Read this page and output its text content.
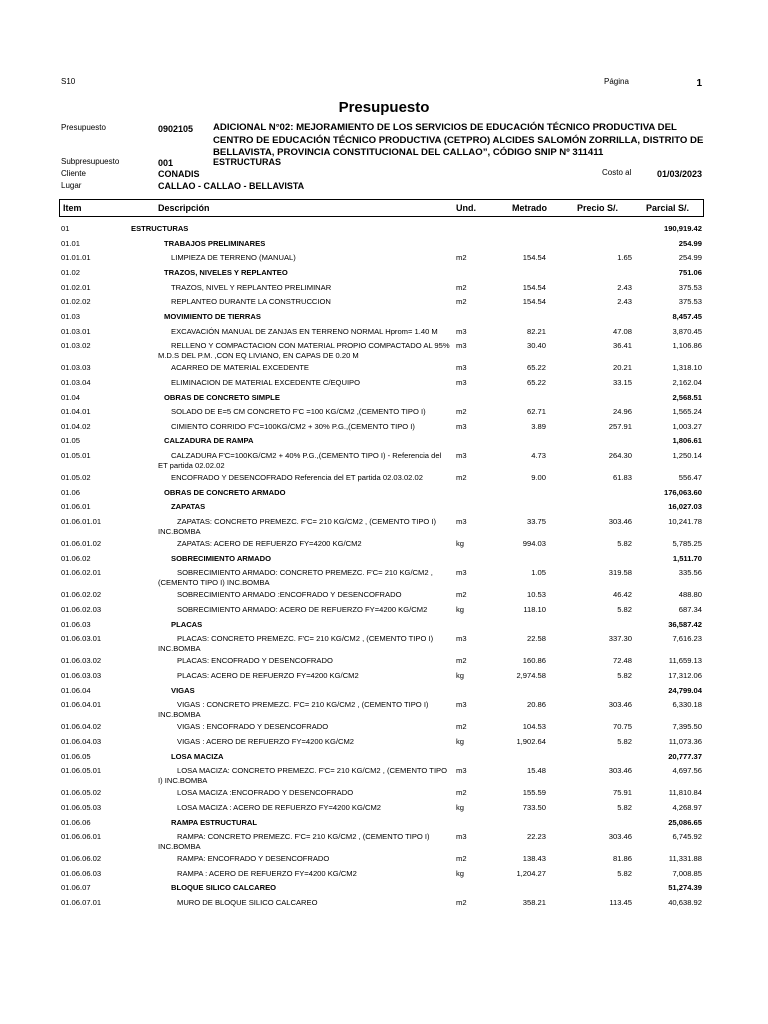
S10	Página	1
Presupuesto
Presupuesto	0902105 ADICIONAL N°02: MEJORAMIENTO DE LOS SERVICIOS DE EDUCACIÓN TÉCNICO PRODUCTIVA DEL CENTRO DE EDUCACIÓN TÉCNICO PRODUCTIVA (CETPRO) ALCIDES SALOMÓN ZORRILLA, DISTRITO DE BELLAVISTA, PROVINCIA CONSTITUCIONAL DEL CALLAO”, CÓDIGO SNIP Nº 311411
Subpresupuesto	001	ESTRUCTURAS
Cliente	CONADIS	Costo al	01/03/2023
Lugar	CALLAO - CALLAO - BELLAVISTA
Item	Descripción	Und.	Metrado	Precio S/.	Parcial S/.
01	ESTRUCTURAS	190,919.42
01.01	TRABAJOS PRELIMINARES	254.99
01.01.01	LIMPIEZA DE TERRENO (MANUAL)	m2	154.54	1.65	254.99
01.02	TRAZOS, NIVELES Y REPLANTEO	751.06
01.02.01	TRAZOS, NIVEL Y REPLANTEO PRELIMINAR	m2	154.54	2.43	375.53
01.02.02	REPLANTEO DURANTE LA CONSTRUCCION	m2	154.54	2.43	375.53
01.03	MOVIMIENTO DE TIERRAS	8,457.45
01.03.01	EXCAVACIÓN MANUAL DE ZANJAS EN TERRENO NORMAL Hprom= 1.40 M m3	82.21	47.08	3,870.45
01.03.02	RELLENO Y COMPACTACION CON MATERIAL PROPIO COMPACTADO AL 95% M.D.S DEL P.M. ,CON EQ LIVIANO, EN CAPAS DE 0.20 M
m3	30.40	36.41	1,106.86
01.03.03	ACARREO DE MATERIAL EXCEDENTE	m3	65.22	20.21	1,318.10
01.03.04	ELIMINACION DE MATERIAL EXCEDENTE C/EQUIPO	m3	65.22	33.15	2,162.04
01.04	OBRAS DE CONCRETO SIMPLE	2,568.51
01.04.01	SOLADO DE E=5 CM CONCRETO F'C =100 KG/CM2 ,(CEMENTO TIPO I)	m2	62.71	24.96	1,565.24
01.04.02	CIMIENTO CORRIDO F'C=100KG/CM2 + 30% P.G.,(CEMENTO TIPO I)	m3	3.89	257.91	1,003.27
01.05	CALZADURA DE RAMPA	1,806.61
01.05.01	CALZADURA F'C=100KG/CM2 + 40% P.G.,(CEMENTO TIPO I) - Referencia del ET partida 02.02.02
m3	4.73	264.30	1,250.14
01.05.02	ENCOFRADO Y DESENCOFRADO Referencia del ET partida 02.03.02.02	m2	9.00	61.83	556.47
01.06	OBRAS DE CONCRETO ARMADO	176,063.60
01.06.01	ZAPATAS	16,027.03
01.06.01.01	ZAPATAS: CONCRETO PREMEZC. F'C= 210 KG/CM2 , (CEMENTO TIPO I) INC.BOMBA
m3	33.75	303.46	10,241.78
01.06.01.02	ZAPATAS: ACERO DE REFUERZO FY=4200 KG/CM2	kg	994.03	5.82	5,785.25
01.06.02	SOBRECIMIENTO ARMADO	1,511.70
01.06.02.01	SOBRECIMIENTO ARMADO: CONCRETO PREMEZC. F'C= 210 KG/CM2 , (CEMENTO TIPO I) INC.BOMBA
m3	1.05	319.58	335.56
01.06.02.02	SOBRECIMIENTO ARMADO :ENCOFRADO Y DESENCOFRADO	m2	10.53	46.42	488.80
01.06.02.03	SOBRECIMIENTO ARMADO: ACERO DE REFUERZO FY=4200 KG/CM2	kg	118.10	5.82	687.34
01.06.03	PLACAS	36,587.42
01.06.03.01	PLACAS: CONCRETO PREMEZC. F'C= 210 KG/CM2 , (CEMENTO TIPO I) INC.BOMBA
m3	22.58	337.30	7,616.23
01.06.03.02	PLACAS: ENCOFRADO Y DESENCOFRADO	m2	160.86	72.48	11,659.13
01.06.03.03	PLACAS: ACERO DE REFUERZO FY=4200 KG/CM2	kg	2,974.58	5.82	17,312.06
01.06.04	VIGAS	24,799.04
01.06.04.01	VIGAS : CONCRETO PREMEZC. F'C= 210 KG/CM2 , (CEMENTO TIPO I) INC.BOMBA
m3	20.86	303.46	6,330.18
01.06.04.02	VIGAS : ENCOFRADO Y DESENCOFRADO	m2	104.53	70.75	7,395.50
01.06.04.03	VIGAS : ACERO DE REFUERZO FY=4200 KG/CM2	kg	1,902.64	5.82	11,073.36
01.06.05	LOSA MACIZA	20,777.37
01.06.05.01	LOSA MACIZA: CONCRETO PREMEZC. F'C= 210 KG/CM2 , (CEMENTO TIPO I) INC.BOMBA
m3	15.48	303.46	4,697.56
01.06.05.02	LOSA MACIZA :ENCOFRADO Y DESENCOFRADO	m2	155.59	75.91	11,810.84
01.06.05.03	LOSA MACIZA : ACERO DE REFUERZO FY=4200 KG/CM2	kg	733.50	5.82	4,268.97
01.06.06	RAMPA ESTRUCTURAL	25,086.65
01.06.06.01	RAMPA: CONCRETO PREMEZC. F'C= 210 KG/CM2 , (CEMENTO TIPO I) INC.BOMBA
m3	22.23	303.46	6,745.92
01.06.06.02	RAMPA: ENCOFRADO Y DESENCOFRADO	m2	138.43	81.86	11,331.88
01.06.06.03	RAMPA : ACERO DE REFUERZO FY=4200 KG/CM2	kg	1,204.27	5.82	7,008.85
01.06.07	BLOQUE SILICO CALCAREO	51,274.39
01.06.07.01	MURO DE BLOQUE SILICO CALCAREO	m2	358.21	113.45	40,638.92
